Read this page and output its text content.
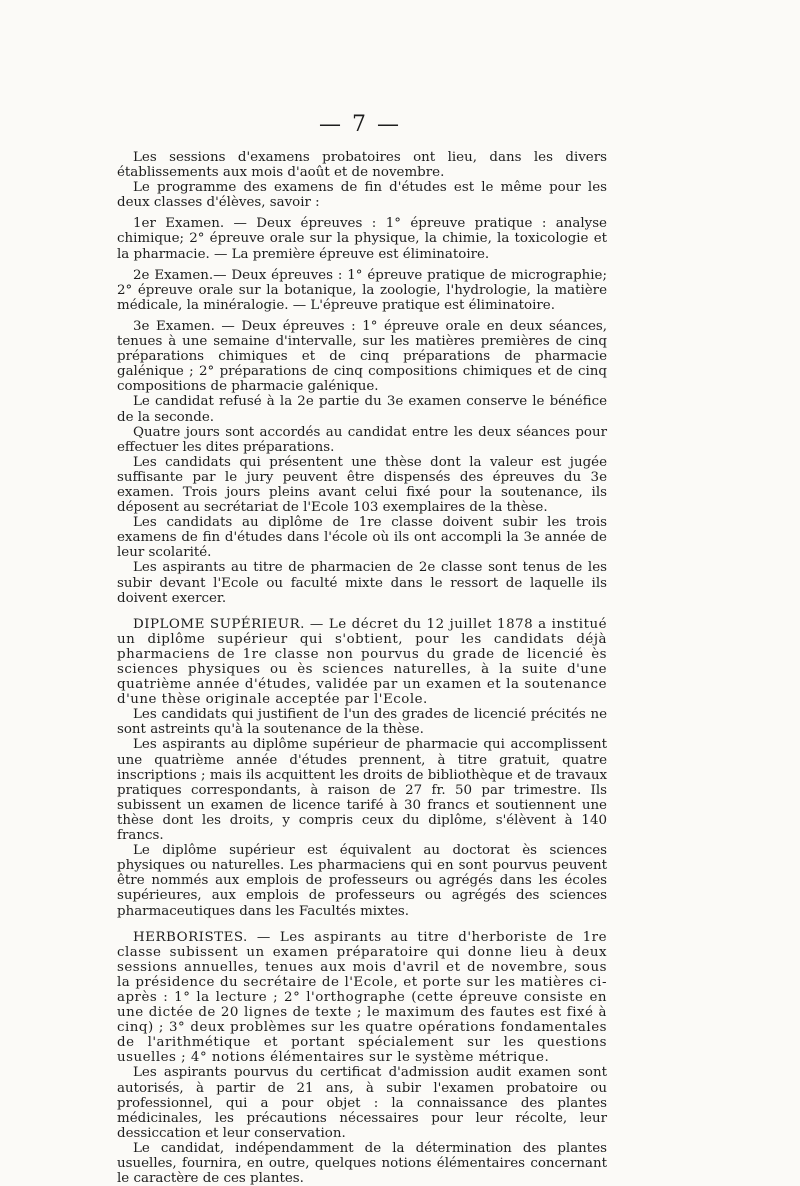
— 7 —

Les sessions d'examens probatoires ont lieu, dans les divers établissements aux mois d'août et de novembre.

Le programme des examens de fin d'études est le même pour les deux classes d'élèves, savoir :

1er Examen. — Deux épreuves : 1° épreuve pratique : analyse chimique; 2° épreuve orale sur la physique, la chimie, la toxicologie et la pharmacie. — La première épreuve est éliminatoire.

2e Examen.— Deux épreuves : 1° épreuve pratique de micrographie; 2° épreuve orale sur la botanique, la zoologie, l'hydrologie, la matière médicale, la minéralogie. — L'épreuve pratique est éliminatoire.

3e Examen. — Deux épreuves : 1° épreuve orale en deux séances, tenues à une semaine d'intervalle, sur les matières premières de cinq préparations chimiques et de cinq préparations de pharmacie galénique ; 2° préparations de cinq compositions chimiques et de cinq compositions de pharmacie galénique.

Le candidat refusé à la 2e partie du 3e examen conserve le bénéfice de la seconde.

Quatre jours sont accordés au candidat entre les deux séances pour effectuer les dites préparations.

Les candidats qui présentent une thèse dont la valeur est jugée suffisante par le jury peuvent être dispensés des épreuves du 3e examen. Trois jours pleins avant celui fixé pour la soutenance, ils déposent au secrétariat de l'Ecole 103 exemplaires de la thèse.

Les candidats au diplôme de 1re classe doivent subir les trois examens de fin d'études dans l'école où ils ont accompli la 3e année de leur scolarité.

Les aspirants au titre de pharmacien de 2e classe sont tenus de les subir devant l'Ecole ou faculté mixte dans le ressort de laquelle ils doivent exercer.

DIPLOME SUPÉRIEUR. — Le décret du 12 juillet 1878 a institué un diplôme supérieur qui s'obtient, pour les candidats déjà pharmaciens de 1re classe non pourvus du grade de licencié ès sciences physiques ou ès sciences naturelles, à la suite d'une quatrième année d'études, validée par un examen et la soutenance d'une thèse originale acceptée par l'Ecole.

Les candidats qui justifient de l'un des grades de licencié précités ne sont astreints qu'à la soutenance de la thèse.

Les aspirants au diplôme supérieur de pharmacie qui accomplissent une quatrième année d'études prennent, à titre gratuit, quatre inscriptions ; mais ils acquittent les droits de bibliothèque et de travaux pratiques correspondants, à raison de 27 fr. 50 par trimestre. Ils subissent un examen de licence tarifé à 30 francs et soutiennent une thèse dont les droits, y compris ceux du diplôme, s'élèvent à 140 francs.

Le diplôme supérieur est équivalent au doctorat ès sciences physiques ou naturelles. Les pharmaciens qui en sont pourvus peuvent être nommés aux emplois de professeurs ou agrégés dans les écoles supérieures, aux emplois de professeurs ou agrégés des sciences pharmaceutiques dans les Facultés mixtes.

HERBORISTES. — Les aspirants au titre d'herboriste de 1re classe subissent un examen préparatoire qui donne lieu à deux sessions annuelles, tenues aux mois d'avril et de novembre, sous la présidence du secrétaire de l'Ecole, et porte sur les matières ci-après : 1° la lecture ; 2° l'orthographe (cette épreuve consiste en une dictée de 20 lignes de texte ; le maximum des fautes est fixé à cinq) ; 3° deux problèmes sur les quatre opérations fondamentales de l'arithmétique et portant spécialement sur les questions usuelles ; 4° notions élémentaires sur le système métrique.

Les aspirants pourvus du certificat d'admission audit examen sont autorisés, à partir de 21 ans, à subir l'examen probatoire ou professionnel, qui a pour objet : la connaissance des plantes médicinales, les précautions nécessaires pour leur récolte, leur dessiccation et leur conservation.

Le candidat, indépendamment de la détermination des plantes usuelles, fournira, en outre, quelques notions élémentaires concernant le caractère de ces plantes.
